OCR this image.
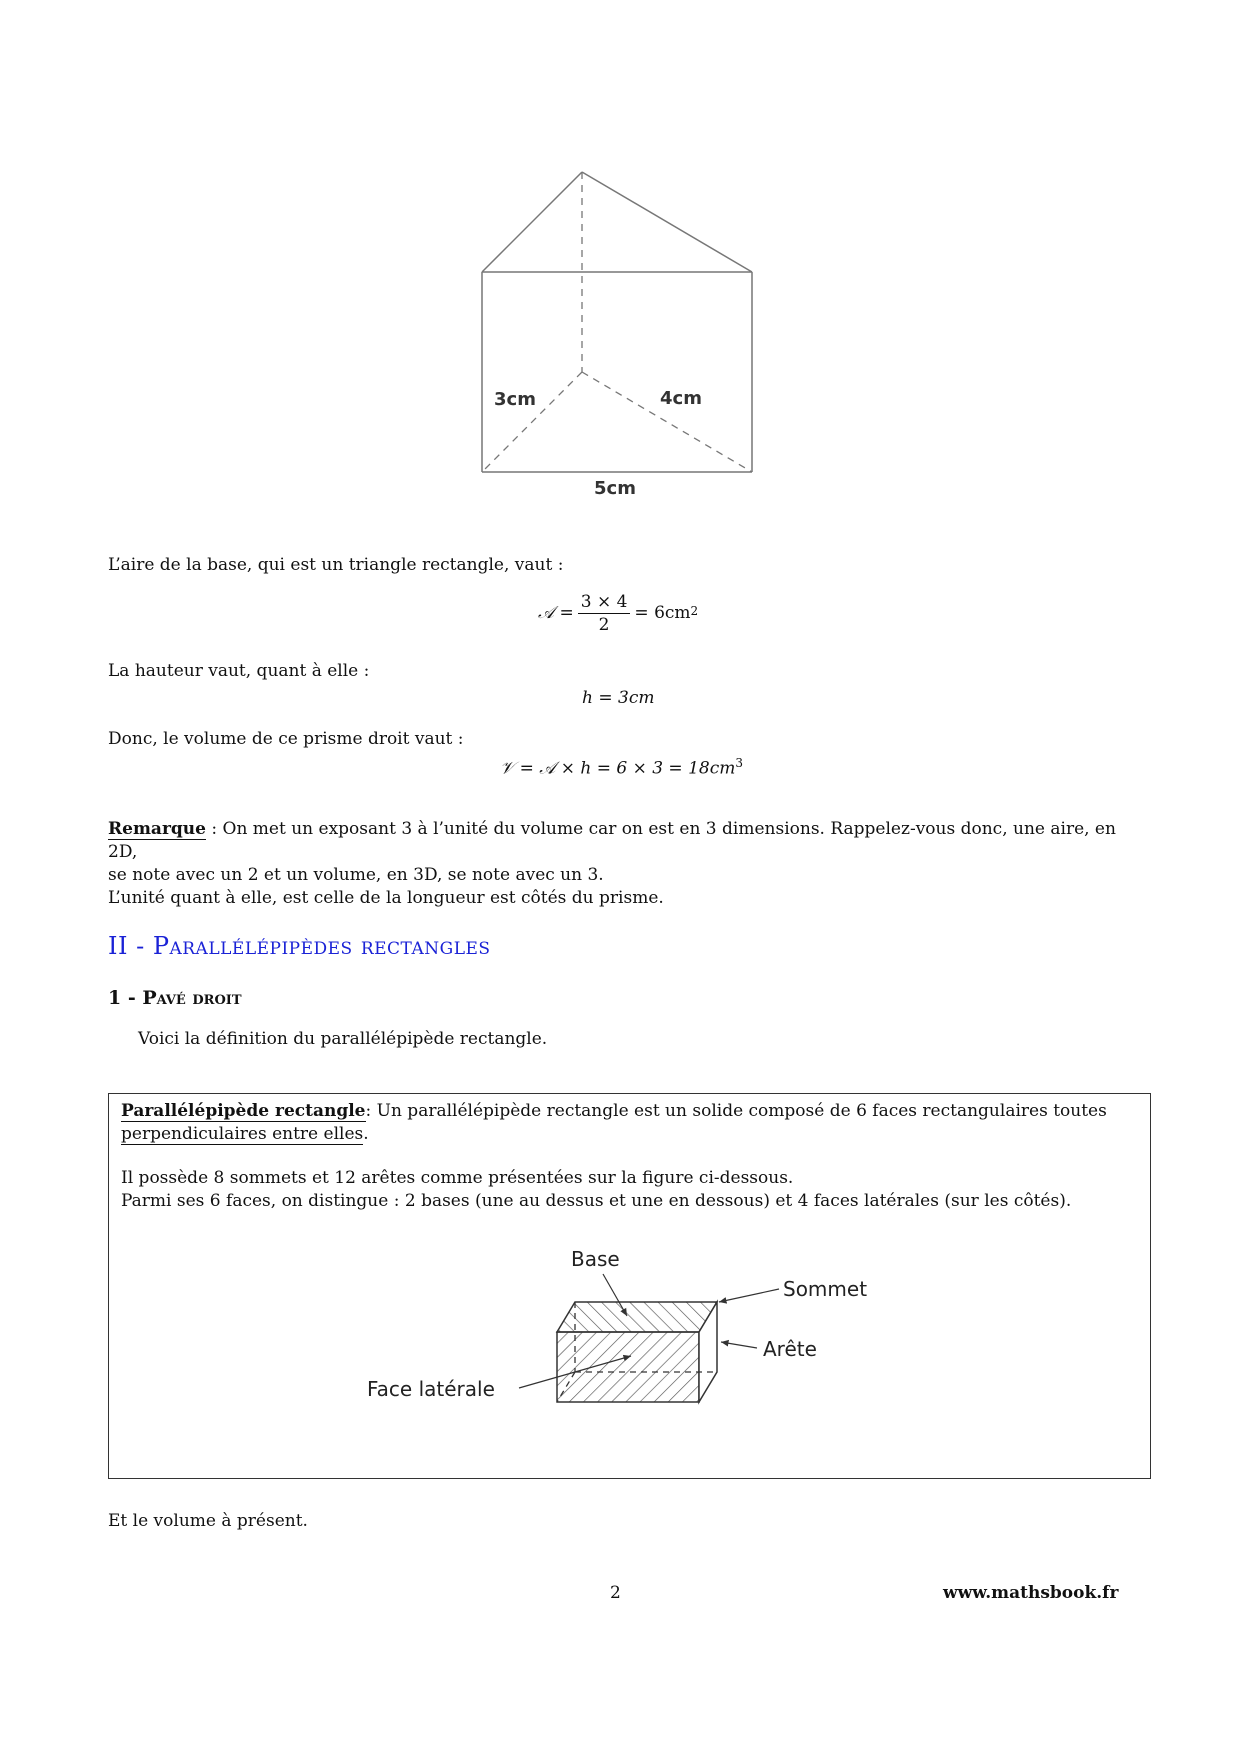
3cm	4cm
5cm
L’aire de la base, qui est un triangle rectangle, vaut :
𝒜 = $\frac{3 \times 4}{2} = 6cm^2$
La hauteur vaut, quant à elle :
h = 3cm
Donc, le volume de ce prisme droit vaut :
𝒱 = 𝒜 × $h = 6 \times 3 = 18cm^3$
Remarque : On met un exposant 3 à l’unité du volume car on est en 3 dimensions. Rappelez-vous donc, une aire, en 2D,
se note avec un 2 et un volume, en 3D, se note avec un 3.
L’unité quant à elle, est celle de la longueur est côtés du prisme.
II - Parallélépipèdes rectangles
1 - Pavé droit
Voici la définition du parallélépipède rectangle.
Parallélépipède rectangle : Un parallélépipède rectangle est un solide composé de 6 faces rectangulaires toutes
perpendiculaires entre elles.
Il possède 8 sommets et 12 arêtes comme présentées sur la figure ci-dessous.
Parmi ses 6 faces, on distingue : 2 bases (une au dessus et une en dessous) et 4 faces latérales (sur les côtés).
Base
Sommet
Arête
Face latérale
Et le volume à présent.
2	www.mathsbook.fr
